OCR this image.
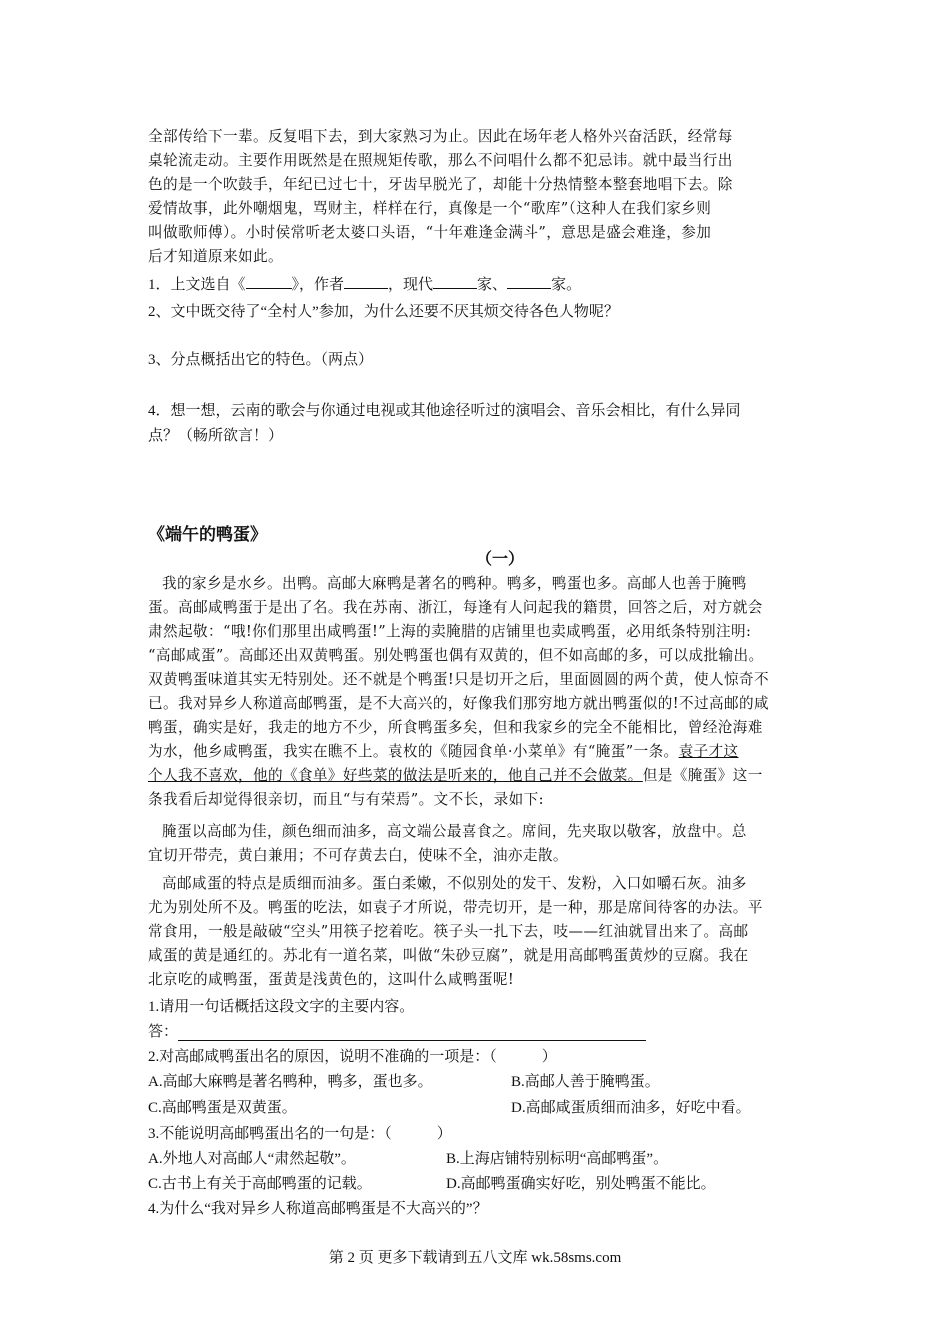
全部传给下一辈。反复唱下去，到大家熟习为止。因此在场年老人格外兴奋活跃，经常每
桌轮流走动。主要作用既然是在照规矩传歌，那么不问唱什么都不犯忌讳。就中最当行出
色的是一个吹鼓手，年纪已过七十，牙齿早脱光了，却能十分热情整本整套地唱下去。除
爱情故事，此外嘲烟鬼，骂财主，样样在行，真像是一个“歌库”（这种人在我们家乡则
叫做歌师傅）。小时侯常听老太婆口头语，“十年难逢金满斗”，意思是盛会难逢，参加
后才知道原来如此。
1．上文选自《	》，作者	，现代	家、	家。
2、文中既交待了“全村人”参加，为什么还要不厌其烦交待各色人物呢？
3、分点概括出它的特色。（两点）
4．想一想，云南的歌会与你通过电视或其他途径听过的演唱会、音乐会相比，有什么异同
点？（畅所欲言！）
《端午的鸭蛋》
（一）
我的家乡是水乡。出鸭。高邮大麻鸭是著名的鸭种。鸭多，鸭蛋也多。高邮人也善于腌鸭
蛋。高邮咸鸭蛋于是出了名。我在苏南、浙江，每逢有人问起我的籍贯，回答之后，对方就会
肃然起敬：“哦!你们那里出咸鸭蛋!”上海的卖腌腊的店铺里也卖咸鸭蛋，必用纸条特别注明:
“高邮咸蛋”。高邮还出双黄鸭蛋。别处鸭蛋也偶有双黄的，但不如高邮的多，可以成批输出。
双黄鸭蛋味道其实无特别处。还不就是个鸭蛋!只是切开之后，里面圆圆的两个黄，使人惊奇不
已。我对异乡人称道高邮鸭蛋，是不大高兴的，好像我们那穷地方就出鸭蛋似的!不过高邮的咸
鸭蛋，确实是好，我走的地方不少，所食鸭蛋多矣，但和我家乡的完全不能相比，曾经沧海难
为水，他乡咸鸭蛋，我实在瞧不上。袁枚的《随园食单·小菜单》有“腌蛋”一条。袁子才这
个人我不喜欢，他的《食单》好些菜的做法是听来的，他自己并不会做菜。但是《腌蛋》这一
条我看后却觉得很亲切，而且“与有荣焉”。文不长，录如下:
腌蛋以高邮为佳，颜色细而油多，高文端公最喜食之。席间，先夹取以敬客，放盘中。总
宜切开带壳，黄白兼用；不可存黄去白，使味不全，油亦走散。
高邮咸蛋的特点是质细而油多。蛋白柔嫩，不似别处的发干、发粉，入口如嚼石灰。油多
尤为别处所不及。鸭蛋的吃法，如袁子才所说，带壳切开，是一种，那是席间待客的办法。平
常食用，一般是敲破“空头”用筷子挖着吃。筷子头一扎下去，吱——红油就冒出来了。高邮
咸蛋的黄是通红的。苏北有一道名菜，叫做“朱砂豆腐”，就是用高邮鸭蛋黄炒的豆腐。我在
北京吃的咸鸭蛋，蛋黄是浅黄色的，这叫什么咸鸭蛋呢!
1.请用一句话概括这段文字的主要内容。
答：
2.对高邮咸鸭蛋出名的原因，说明不准确的一项是：（　　　）
A.高邮大麻鸭是著名鸭种，鸭多，蛋也多。	B.高邮人善于腌鸭蛋。
C.高邮鸭蛋是双黄蛋。	D.高邮咸蛋质细而油多，好吃中看。
3.不能说明高邮鸭蛋出名的一句是：（　　　）
A.外地人对高邮人“肃然起敬”。	B.上海店铺特别标明“高邮鸭蛋”。
C.古书上有关于高邮鸭蛋的记载。	D.高邮鸭蛋确实好吃，别处鸭蛋不能比。
4.为什么“我对异乡人称道高邮鸭蛋是不大高兴的”？
第 2 页 更多下载请到五八文库 wk.58sms.com
